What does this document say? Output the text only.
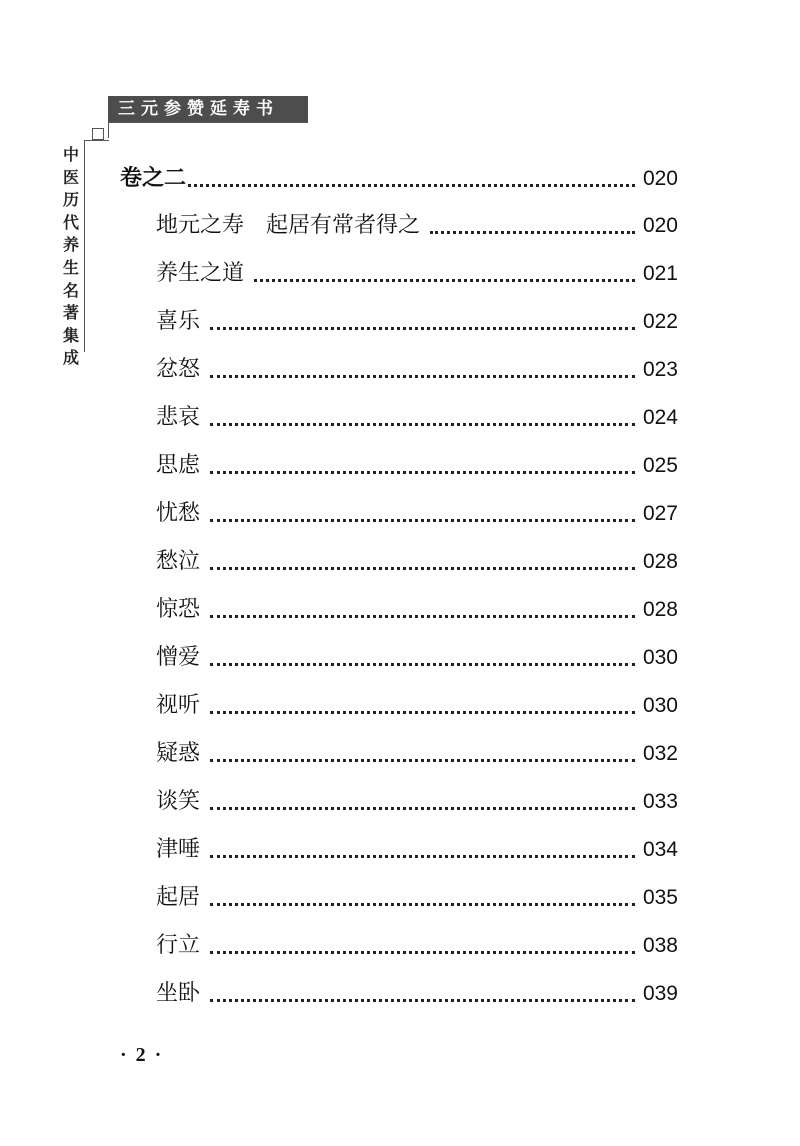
三元参赞延寿书
中医历代养生名著集成
卷之二	020
地元之寿　起居有常者得之	020
养生之道	021
喜乐	022
忿怒	023
悲哀	024
思虑	025
忧愁	027
愁泣	028
惊恐	028
憎爱	030
视听	030
疑惑	032
谈笑	033
津唾	034
起居	035
行立	038
坐卧	039
· 2 ·
